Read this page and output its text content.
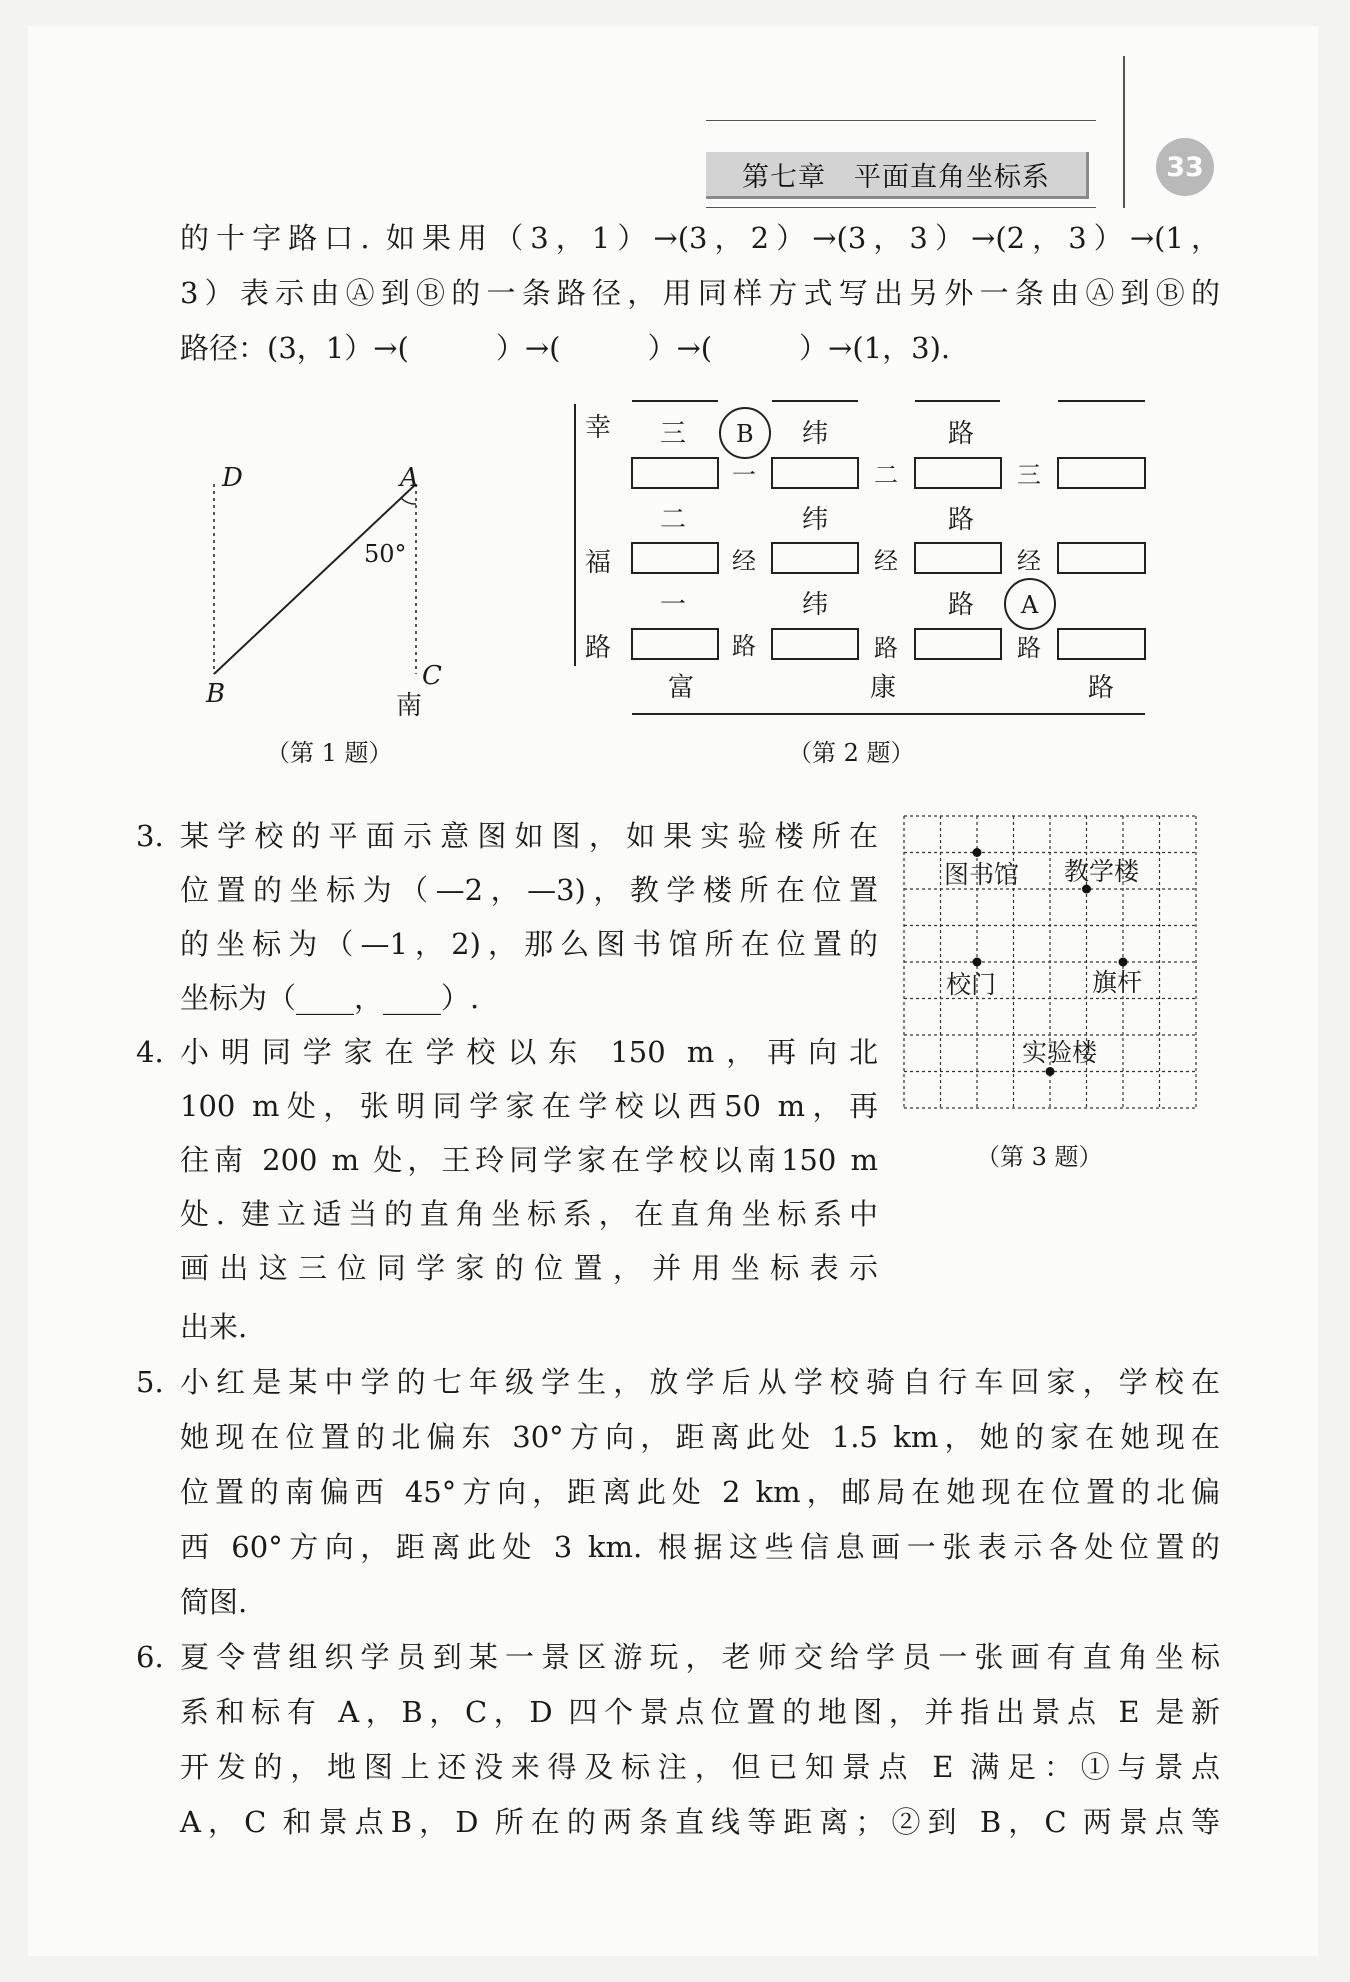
第七章　平面直角坐标系	33
的十字路口. 如果用（3，1）→(3，2）→(3，3）→(2，3）→(1，
3）表示由Ⓐ到Ⓑ的一条路径，用同样方式写出另外一条由Ⓐ到Ⓑ的
路径：(3，1）→(　　　）→(　　　）→(　　　）→(1，3).
D	A
B
C
50°
南
（第 1 题）
幸
福
路
三	纬	路
二	纬	路
一	纬	路
一	二	三
经	经	经
路	路	路
富	康	路
B
A
（第 2 题）
3. 某学校的平面示意图如图，如果实验楼所在
位置的坐标为（—2，—3)，教学楼所在位置
的坐标为（—1，2)，那么图书馆所在位置的
坐标为（____，____）.
图书馆 教学楼
校门	旗杆
实验楼
（第 3 题）
4. 小明同学家在学校以东 150 m，再向北
100 m处，张明同学家在学校以西50 m，再
往南 200 m 处，王玲同学家在学校以南150 m
处. 建立适当的直角坐标系，在直角坐标系中
画出这三位同学家的位置，并用坐标表示
出来.
5. 小红是某中学的七年级学生，放学后从学校骑自行车回家，学校在
她现在位置的北偏东 30°方向，距离此处 1.5 km，她的家在她现在
位置的南偏西 45°方向，距离此处 2 km，邮局在她现在位置的北偏
西 60°方向，距离此处 3 km. 根据这些信息画一张表示各处位置的
简图.
6. 夏令营组织学员到某一景区游玩，老师交给学员一张画有直角坐标
系和标有 A，B，C，D 四个景点位置的地图，并指出景点 E 是新
开发的，地图上还没来得及标注，但已知景点 E 满足：①与景点
A，C 和景点B，D 所在的两条直线等距离；②到 B，C 两景点等
